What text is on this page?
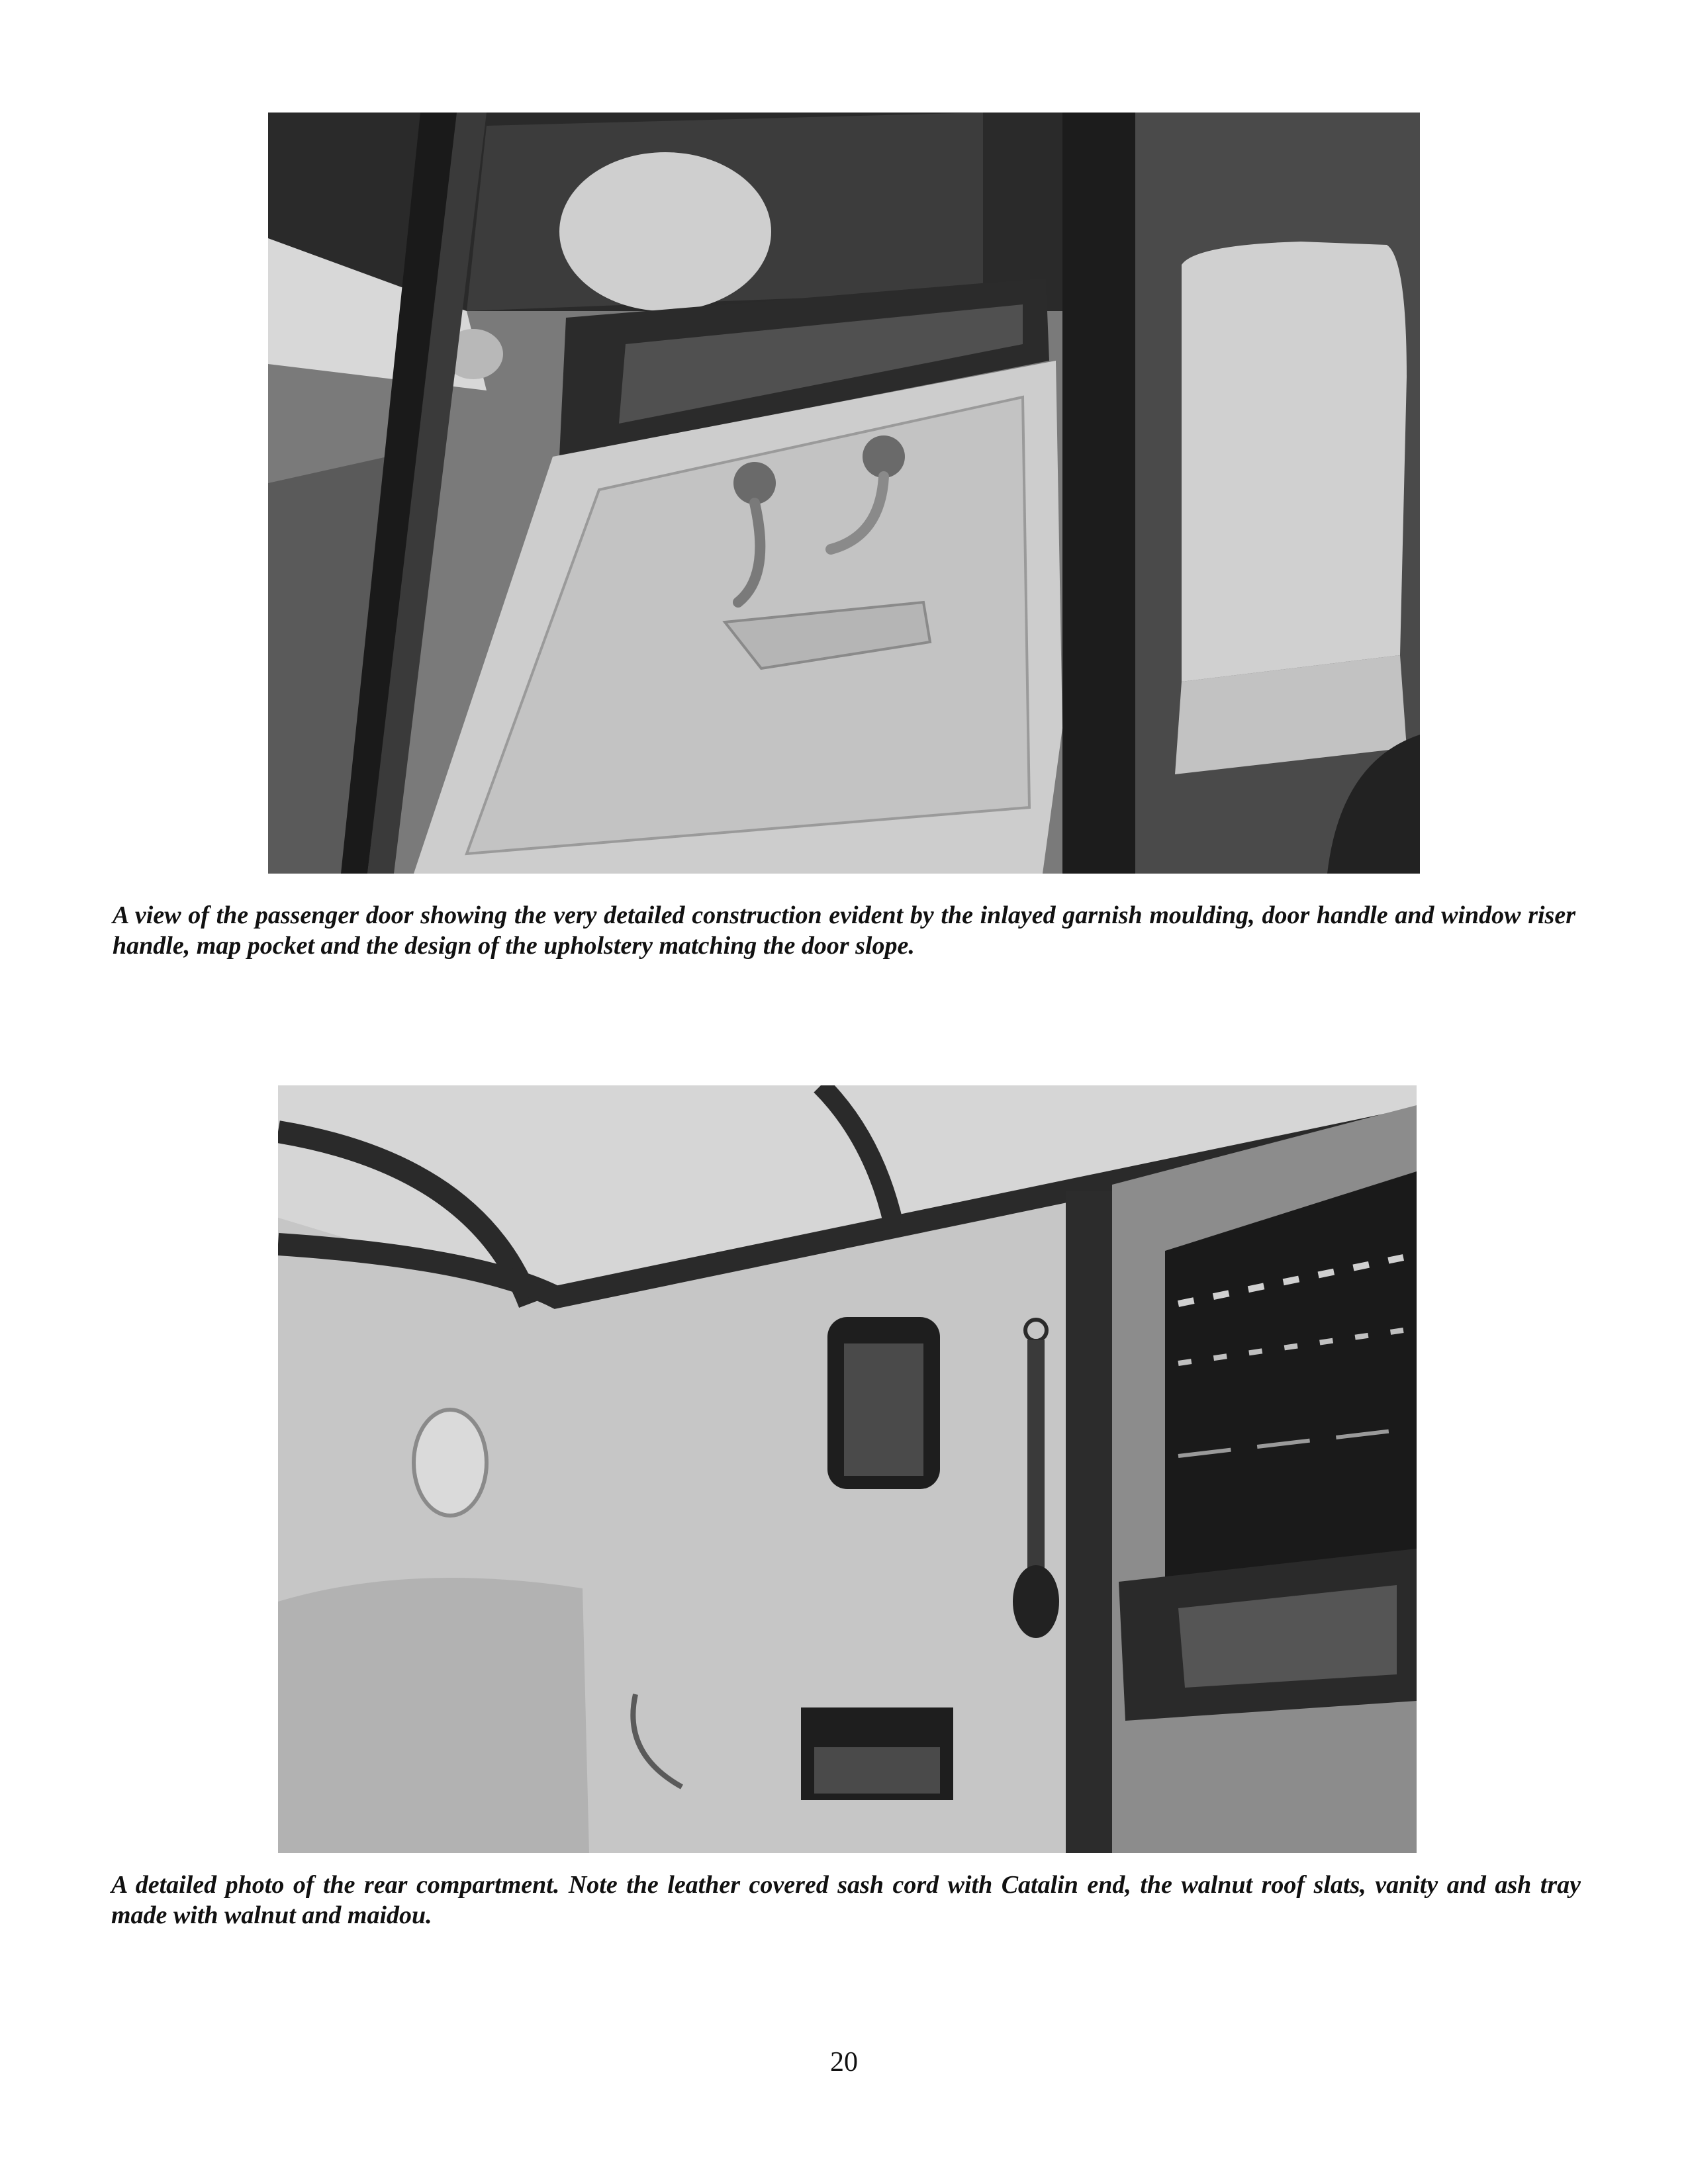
A view of the passenger door showing the very detailed construction evident by the inlayed garnish moulding, door handle and window riser handle, map pocket and the design of the upholstery matching the door slope.

A detailed photo of the rear compartment. Note the leather covered sash cord with Catalin end, the walnut roof slats, vanity and ash tray made with walnut and maidou.

20
